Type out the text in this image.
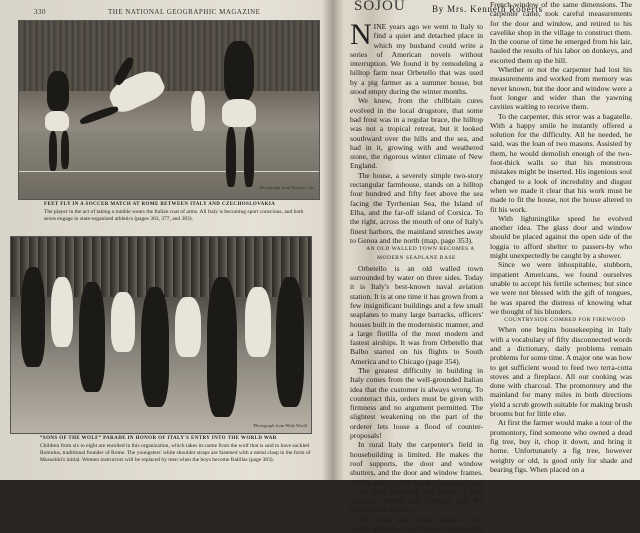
330	THE NATIONAL GEOGRAPHIC MAGAZINE
Photograph from Pictures, Inc.
FEET FLY IN A SOCCER MATCH AT ROME BETWEEN ITALY AND CZECHOSLOVAKIA
The player in the act of taking a tumble wears the Italian coat of arms. All Italy is becoming sport conscious, and both sexes engage in state-organized athletics (pages 363, 377, and 383).
Photograph from Wide World
“SONS OF THE WOLF” PARADE IN HONOR OF ITALY'S ENTRY INTO THE WORLD WAR
Children from six to eight are enrolled in this organization, which takes its name from the wolf that is said to have suckled Romulus, traditional founder of Rome. The youngsters' white shoulder straps are fastened with a metal clasp in the form of Mussolini's initial. Women instructors will be replaced by men when the boys become Balillas (page 383).
SOJOU	By Mrs. Kenneth Roberts

NINE years ago we went to Italy to find a quiet and detached place in which my husband could write a series of American novels without interruption. We found it by remodeling a hilltop farm near Orbetello that was used by a pig farmer as a summer house, but stood empty during the winter months.

We knew, from the chilblain cures evolved in the local drugstore, that some bad frost was in a regular brace, the hilltop was not a tropical retreat, but it looked southward over the hills and the sea, and had in it, growing with and weathered stone, the rigorous winter climate of New England.

The house, a severely simple two-story rectangular farmhouse, stands on a hilltop four hundred and fifty feet above the sea facing the Tyrrhenian Sea, the Island of Elba, and the far-off island of Corsica. To the right, across the mouth of one of Italy's finest harbors, the mainland stretches away to Genoa and the north (map, page 353).

AN OLD WALLED TOWN BECOMES A MODERN SEAPLANE BASE

Orbetello is an old walled town surrounded by water on three sides. Today it is Italy's best-known naval aviation station. It is at one time it has grown from a few insignificant buildings and a few small seaplanes to many large barracks, officers' houses built in the modernistic manner, and a large flotilla of the most modern and fastest airships. It was from Orbetello that Balbo started on his flights to South America and to Chicago (page 354).

The greatest difficulty in building in Italy comes from the well-grounded Italian idea that the customer is always wrong. To counteract this, orders must be given with firmness and no argument permitted. The slightest weakening on the part of the orderer lets loose a flood of counter-proposals!

In rural Italy the carpenter's field in housebuilding is limited. He makes the roof supports, the door and window shutters, and the door and window frames. All the rest is in the hands of masons, even to the final plastering and tinting of wall surfaces, outside and without, and the laying of tiled floors.

The living room plans called for one double glass door, and beside it a stationary

French window of the same dimensions. The carpenter came, took careful measurements for the door and window, and retired to his cavelike shop in the village to construct them. In the course of time he emerged from his lair, hauled the results of his labor on donkeys, and escorted them up the hill.

Whether or not the carpenter had lost his measurements and worked from memory was never known, but the door and window were a foot longer and wider than the yawning cavities waiting to receive them.

To the carpenter, this error was a bagatelle. With a happy smile he instantly offered a solution for the difficulty. All he needed, he said, was the loan of two masons. Assisted by them, he would demolish enough of the two-foot-thick walls so that his monstrous mistakes might be inserted. His ingenious soul changed to a look of incredulity and disgust when we made it clear that his work must be made to fit the house, not the house altered to fit his work.

With lightninglike speed he evolved another idea. The glass door and window should be placed against the open side of the loggia to afford shelter to passers-by who might unexpectedly be caught by a shower.

Since we were inhospitable, stubborn, impatient Americans, we found ourselves unable to accept his fertile schemes; but since we were not blessed with the gift of tongues, he was spared the distress of knowing what we thought of his blunders.

COUNTRYSIDE COMBED FOR FIREWOOD

When one begins housekeeping in Italy with a vocabulary of fifty disconnected words and a dictionary, daily problems remain problems for some time. A major one was how to get sufficient wood to feed two terra-cotta stoves and a fireplace. All our cooking was done with charcoal. The promontory and the mainland for many miles in both directions yield a scrub growth suitable for making brush brooms but for little else.

At first the farmer would make a tour of the promontory, find someone who owned a dead fig tree, buy it, chop it down, and bring it home. Unfortunately a fig tree, however weighty or old, is good only for shade and bearing figs. When placed on a
